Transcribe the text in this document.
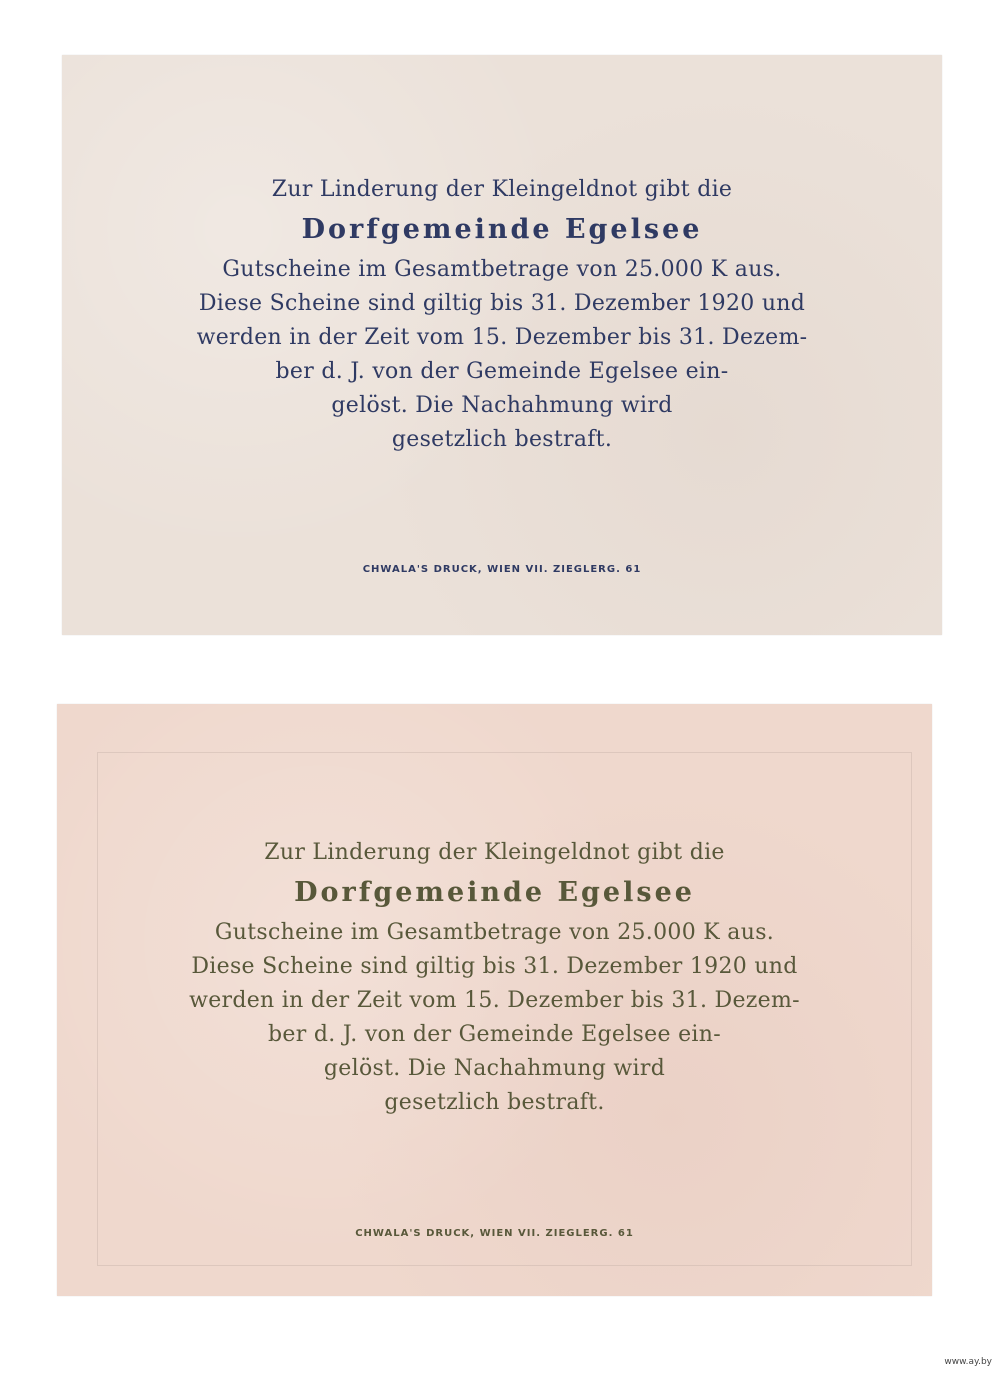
Zur Linderung der Kleingeldnot gibt die
Dorfgemeinde Egelsee
Gutscheine im Gesamtbetrage von 25.000 K aus.
Diese Scheine sind giltig bis 31. Dezember 1920 und
werden in der Zeit vom 15. Dezember bis 31. Dezem-
ber d. J. von der Gemeinde Egelsee ein-
gelöst. Die Nachahmung wird
gesetzlich bestraft.
CHWALA'S DRUCK, WIEN VII. ZIEGLERG. 61
Zur Linderung der Kleingeldnot gibt die
Dorfgemeinde Egelsee
Gutscheine im Gesamtbetrage von 25.000 K aus.
Diese Scheine sind giltig bis 31. Dezember 1920 und
werden in der Zeit vom 15. Dezember bis 31. Dezem-
ber d. J. von der Gemeinde Egelsee ein-
gelöst. Die Nachahmung wird
gesetzlich bestraft.
CHWALA'S DRUCK, WIEN VII. ZIEGLERG. 61
www.ay.by
